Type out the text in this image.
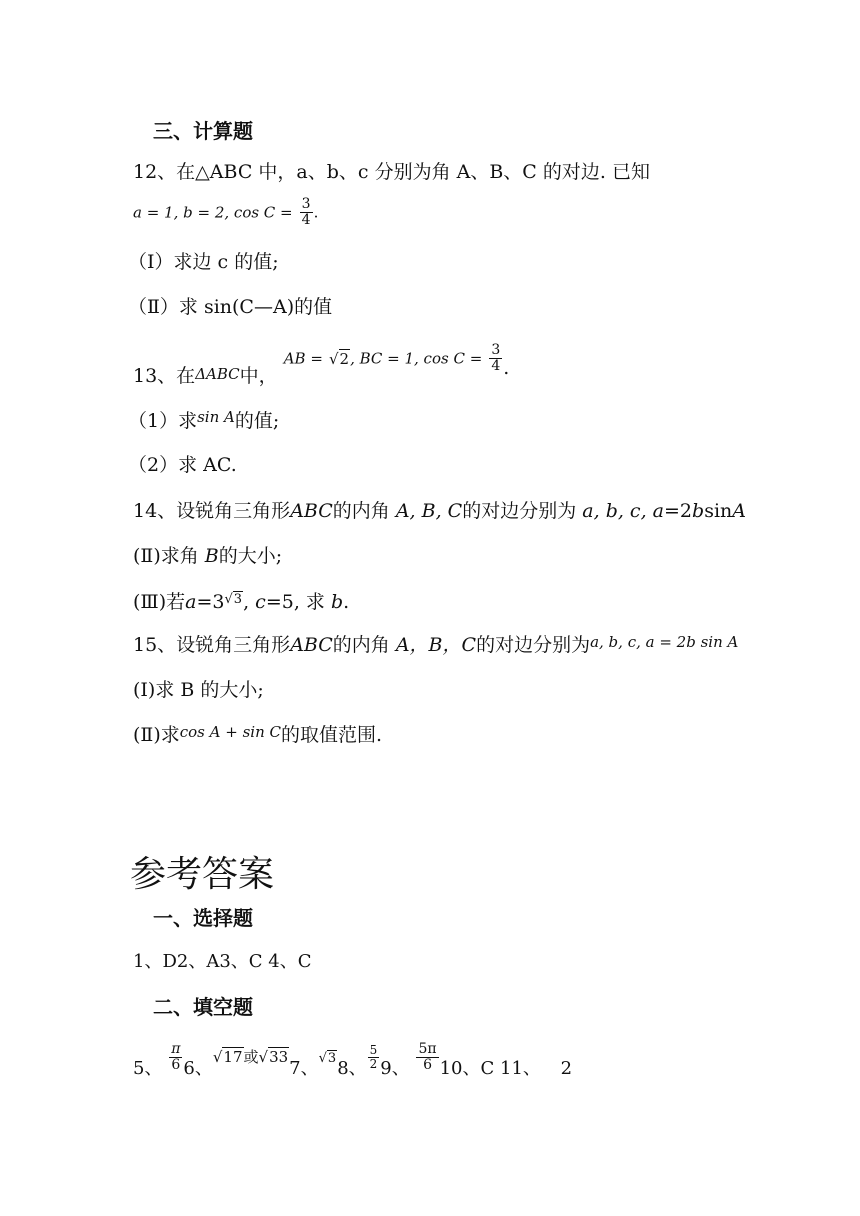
三、计算题
12、在△ABC 中，a、b、c 分别为角 A、B、C 的对边. 已知
a = 1, b = 2, $\cos C = \frac{3}{4}$ .
（Ⅰ）求边 c 的值;
（Ⅱ）求 sin(C—A)的值
13、在$_{\Delta ABC}$中， AB = √2, BC = 1, $\cos C = \frac{3}{4}$ .
（1）求$^{sin A}$的值;
（2）求 AC.
14、设锐角三角形ABC的内角 A, B, C的对边分别为 a, b, c, a=2bsinA
(Ⅱ)求角 B的大小;
(Ⅲ)若a=3√3, c=5, 求 b.
15、设锐角三角形ABC的内角 A，B，C的对边分别为$^{a, b, c, a = 2b sin A}$
(Ⅰ)求 B 的大小;
(Ⅱ)求$^{cos A + sin C}$的取值范围.
参考答案
一、选择题
1、D2、A3、C 4、C
二、填空题
5、 $\frac{\pi}{6} 6$、$√17^或√337$、√38、 $\frac{5}{2} 9$、 $\frac{5\pi}{6} 10$、C 11、 2
